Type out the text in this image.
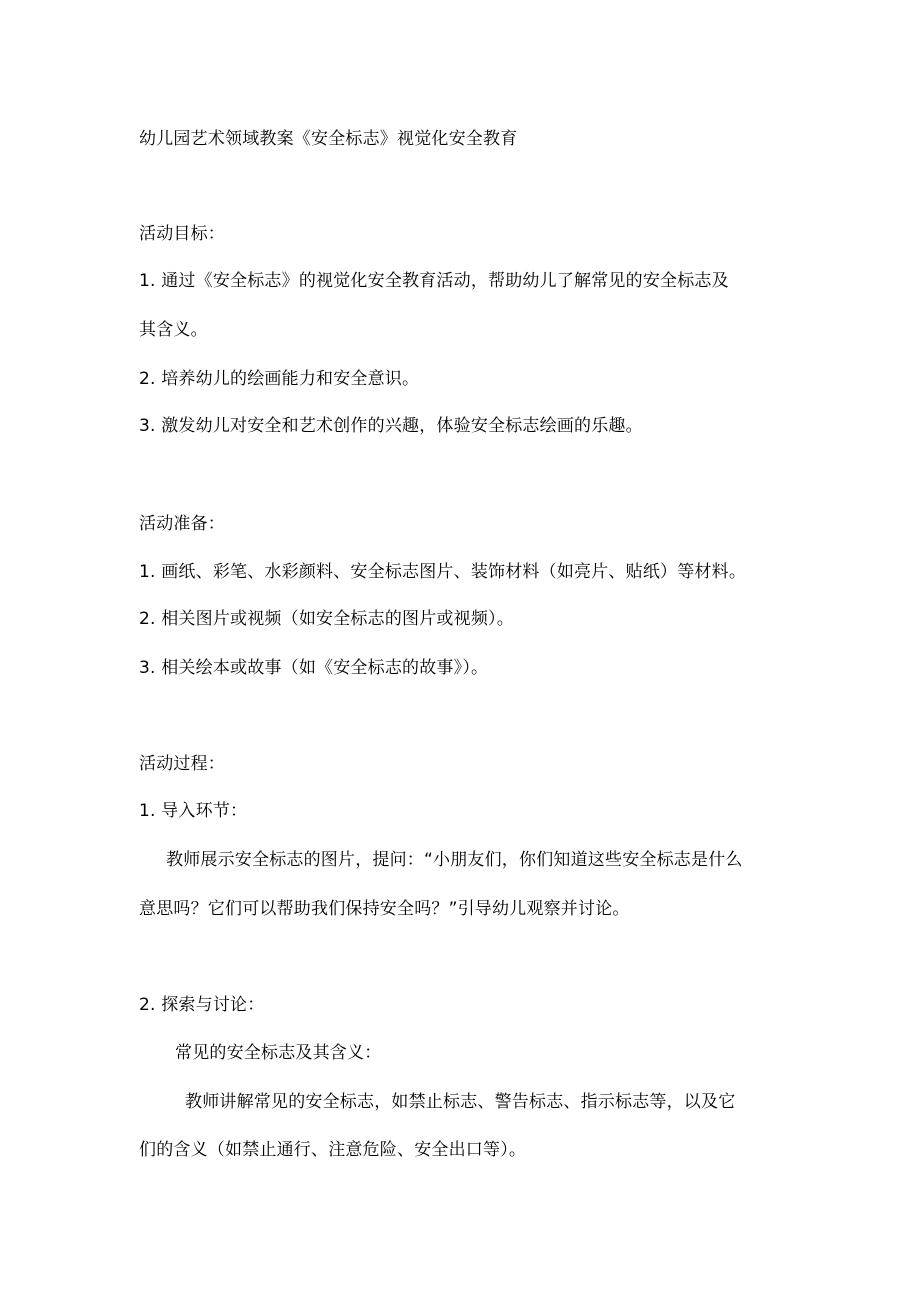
幼儿园艺术领域教案《安全标志》视觉化安全教育
活动目标：
1. 通过《安全标志》的视觉化安全教育活动，帮助幼儿了解常见的安全标志及
其含义。
2. 培养幼儿的绘画能力和安全意识。
3. 激发幼儿对安全和艺术创作的兴趣，体验安全标志绘画的乐趣。
活动准备：
1. 画纸、彩笔、水彩颜料、安全标志图片、装饰材料（如亮片、贴纸）等材料。
2. 相关图片或视频（如安全标志的图片或视频）。
3. 相关绘本或故事（如《安全标志的故事》）。
活动过程：
1. 导入环节：
教师展示安全标志的图片，提问：“小朋友们，你们知道这些安全标志是什么
意思吗？它们可以帮助我们保持安全吗？”引导幼儿观察并讨论。
2. 探索与讨论：
常见的安全标志及其含义：
教师讲解常见的安全标志，如禁止标志、警告标志、指示标志等，以及它
们的含义（如禁止通行、注意危险、安全出口等）。
